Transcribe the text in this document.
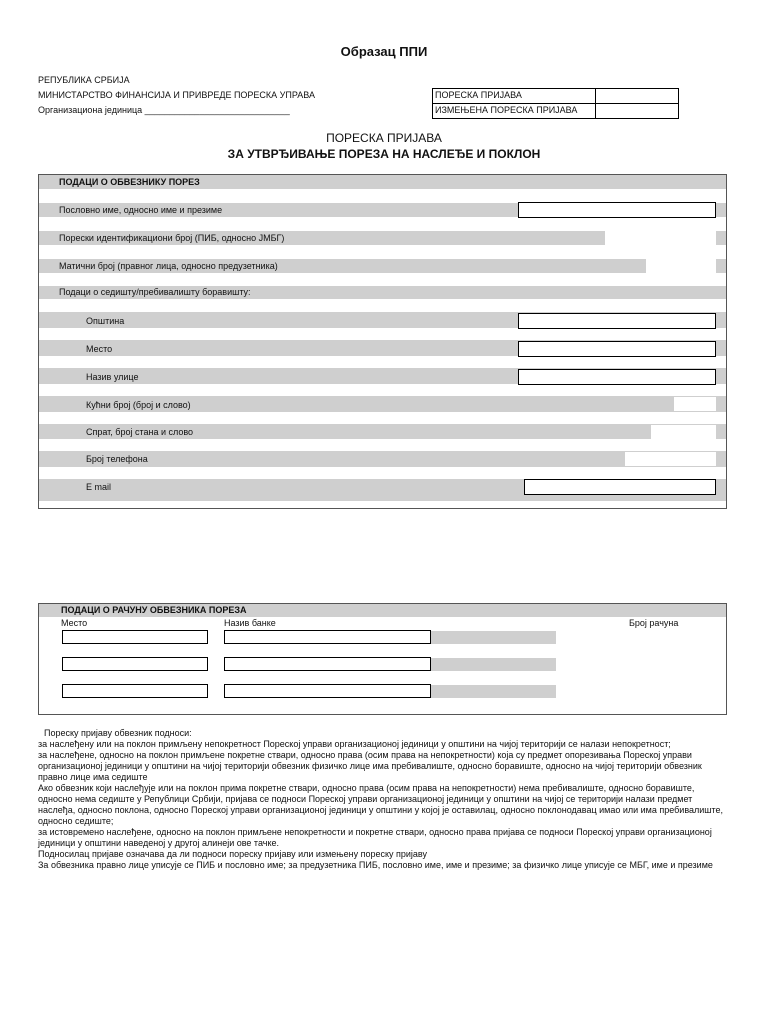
Образац ППИ
РЕПУБЛИКА СРБИЈА
МИНИСТАРСТВО ФИНАНСИЈА И ПРИВРЕДЕ ПОРЕСКА УПРАВА
Организациона јединица _____________________________
ПОРЕСКА ПРИЈАВА
ИЗМЕЊЕНА ПОРЕСКА ПРИЈАВА
ПОРЕСКА ПРИЈАВА
ЗА УТВРЂИВАЊЕ ПОРЕЗА НА НАСЛЕЂЕ И ПОКЛОН
ПОДАЦИ О ОБВЕЗНИКУ ПОРЕЗ
Пословно име, односно име и презиме
Порески идентификациони број (ПИБ, односно ЈМБГ)
Матични број (правног лица, односно предузетника)
Подаци о седишту/пребивалишту боравишту:
Општина
Место
Назив улице
Кућни број (број и слово)
Спрат, број стана и слово
Број телефона
E mail
ПОДАЦИ О РАЧУНУ ОБВЕЗНИКА ПОРЕЗА
Место	Назив банке	Број рачуна
Пореску пријаву обвезник подноси:
за наслеђену или на поклон примљену непокретност Пореској управи организационој јединици у општини на чијој територији се налази непокретност;
за наслеђене, односно на поклон примљене покретне ствари, односно права (осим права на непокретности) која су предмет опорезивања Пореској управи организационој јединици у општини на чијој територији обвезник физичко лице има пребивалиште, односно боравиште, односно на чијој територији обвезник правно лице има седиште
Ако обвезник који наслеђује или на поклон прима покретне ствари, односно права (осим права на непокретности) нема пребивалиште, односно боравиште, односно нема седиште у Републици Србији, пријава се подноси Пореској управи организационој јединици у општини на чијој се територији налази предмет наслеђа, односно поклона, односно Пореској управи организационој јединици у општини у којој је оставилац, односно поклонодавац имао или има пребивалиште, односно седиште;
за истовремено наслеђене, односно на поклон примљене непокретности и покретне ствари, односно права пријава се подноси Пореској управи организационој јединици у општини наведеној у другој алинеји ове тачке.
Подносилац пријаве означава да ли подноси пореску пријаву или измењену пореску пријаву
За обвезника правно лице уписује се ПИБ и пословно име; за предузетника ПИБ, пословно име, име и презиме; за физичко лице уписује се МБГ, име и презиме
